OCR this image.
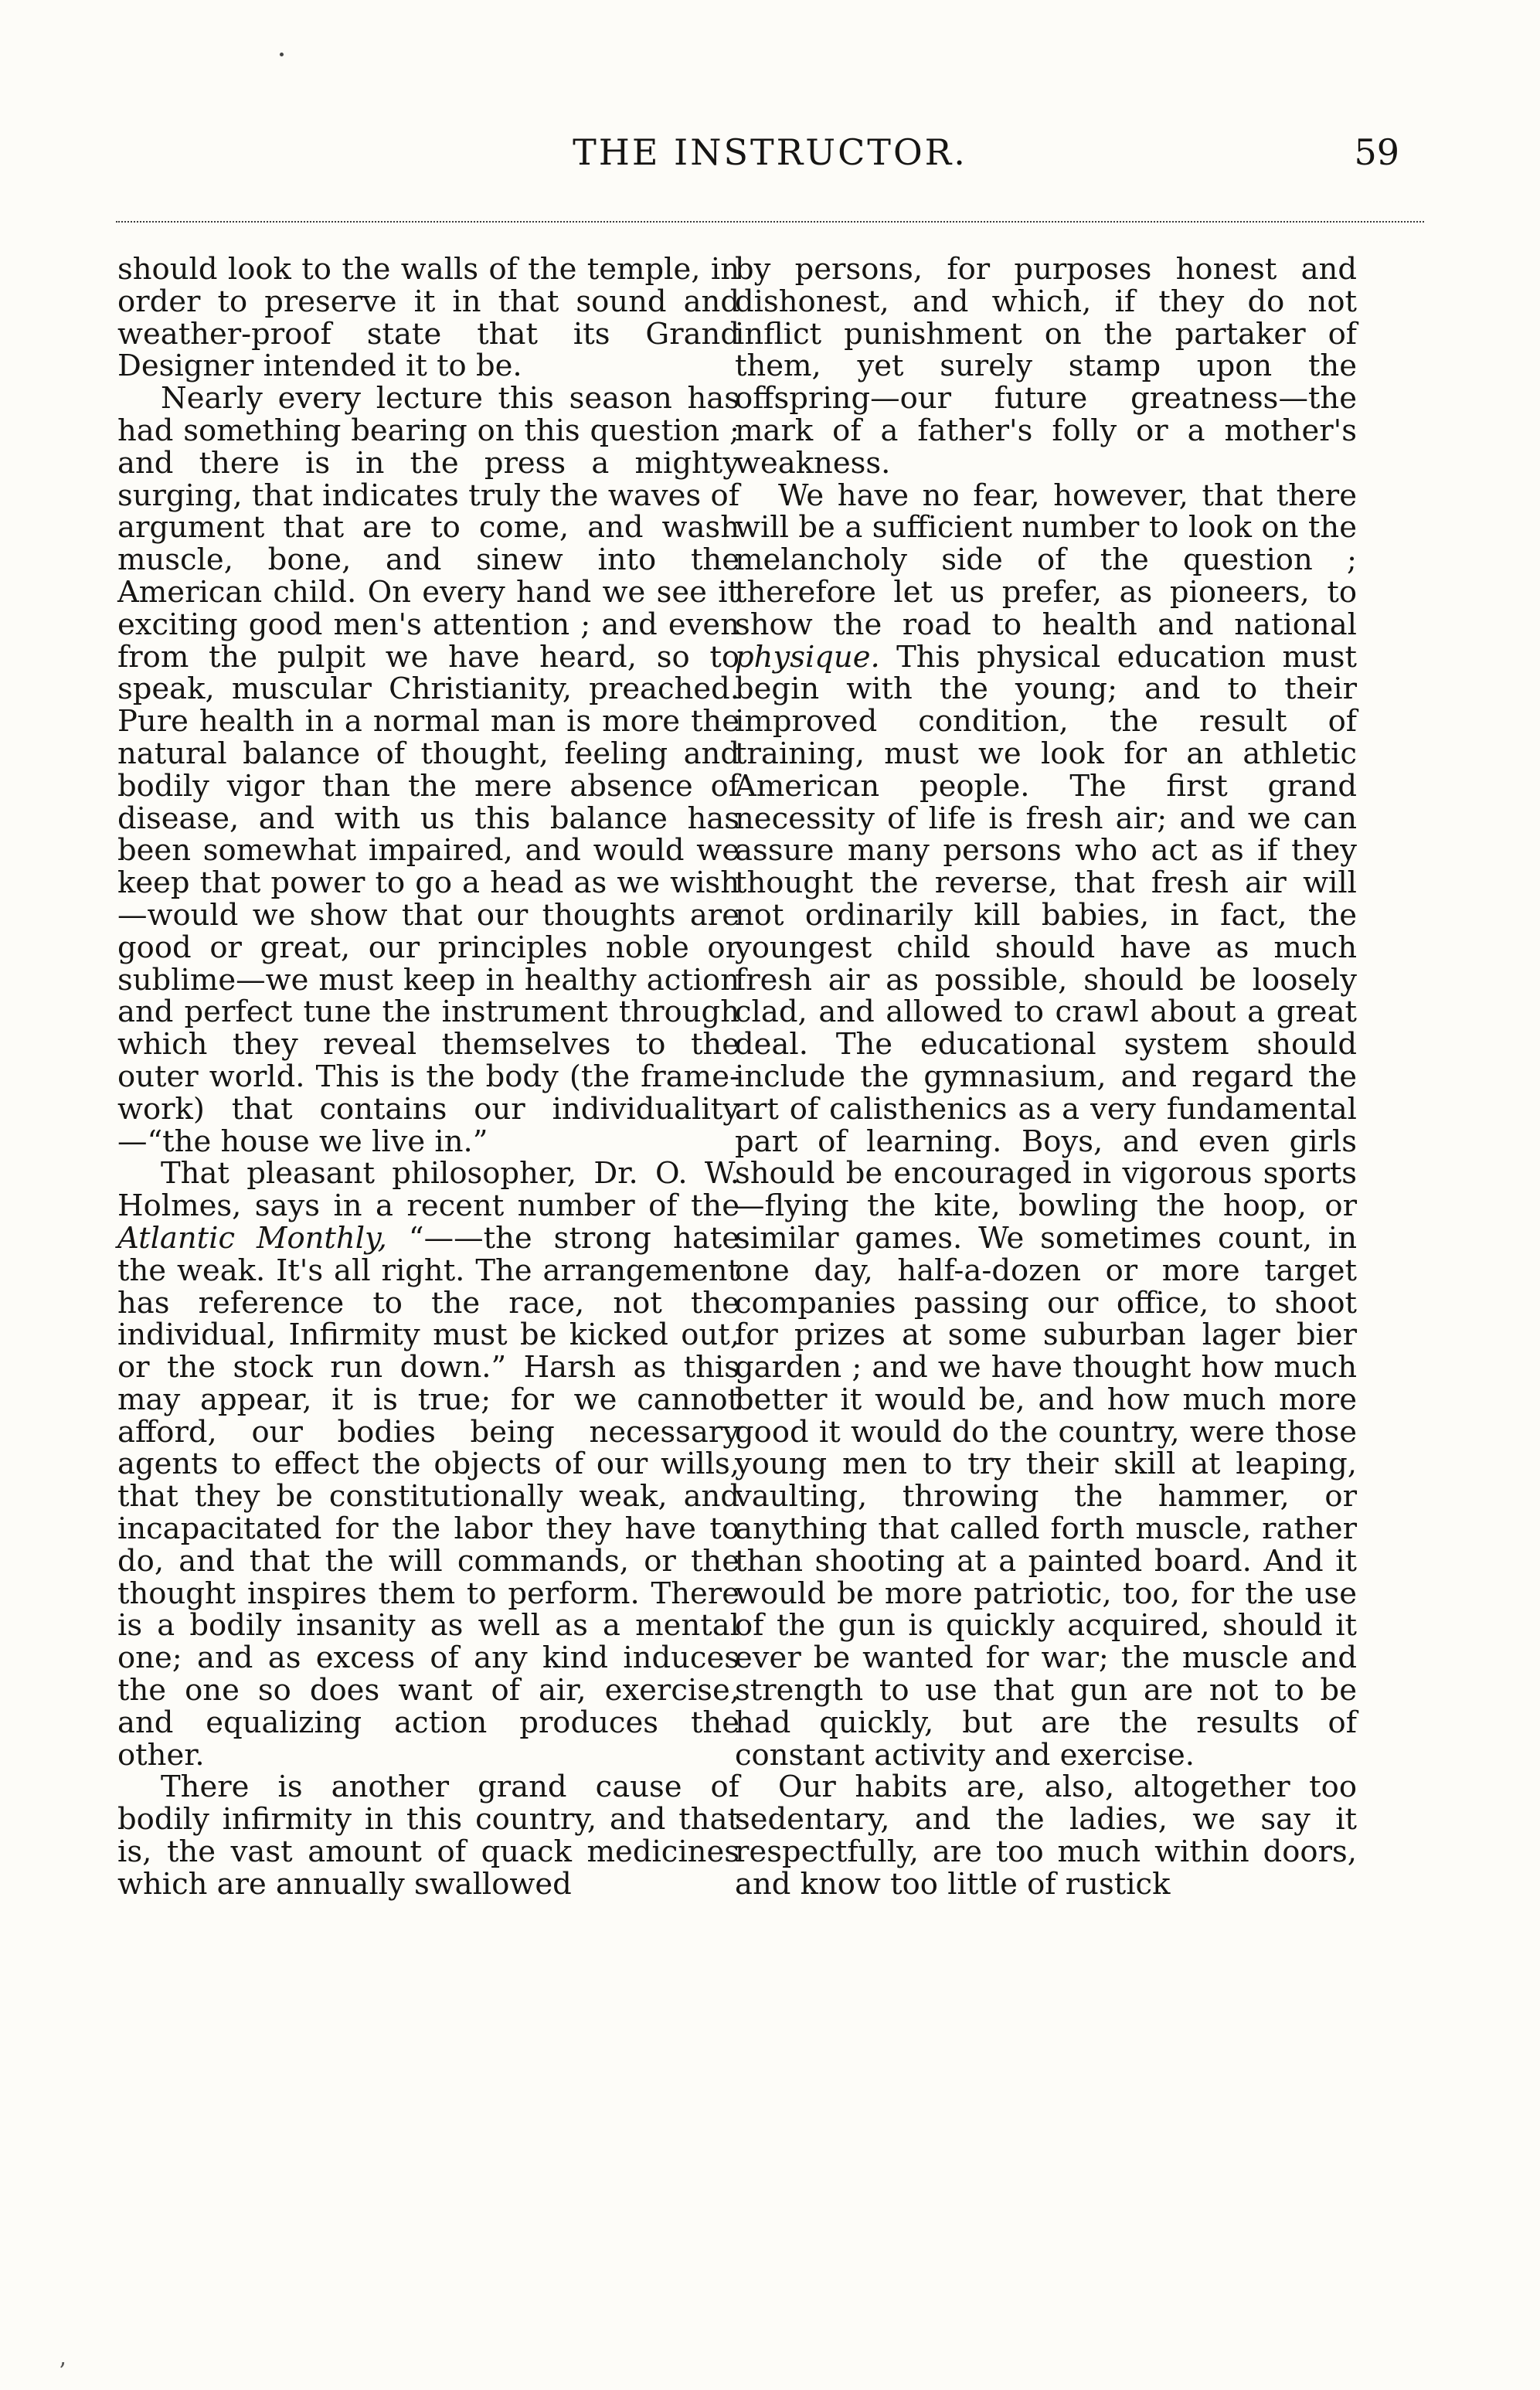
THE INSTRUCTOR.	59

should look to the walls of the temple, in order to preserve it in that sound and weather-proof state that its Grand Designer intended it to be.

Nearly every lecture this season has had something bearing on this question ; and there is in the press a mighty surging, that indicates truly the waves of argument that are to come, and wash muscle, bone, and sinew into the American child. On every hand we see it exciting good men's attention ; and even from the pulpit we have heard, so to speak, muscular Christianity, preached. Pure health in a normal man is more the natural balance of thought, feeling and bodily vigor than the mere absence of disease, and with us this balance has been somewhat impaired, and would we keep that power to go a head as we wish—would we show that our thoughts are good or great, our principles noble or sublime—we must keep in healthy action and perfect tune the instrument through which they reveal themselves to the outer world. This is the body (the frame-work) that contains our individuality—“the house we live in.”

That pleasant philosopher, Dr. O. W. Holmes, says in a recent number of the Atlantic Monthly, “——the strong hate the weak. It's all right. The arrangement has reference to the race, not the individual, Infirmity must be kicked out, or the stock run down.” Harsh as this may appear, it is true; for we cannot afford, our bodies being necessary agents to effect the objects of our wills, that they be constitutionally weak, and incapacitated for the labor they have to do, and that the will commands, or the thought inspires them to perform. There is a bodily insanity as well as a mental one; and as excess of any kind induces the one so does want of air, exercise, and equalizing action produces the other.

There is another grand cause of bodily infirmity in this country, and that is, the vast amount of quack medicines which are annually swallowed

by persons, for purposes honest and dishonest, and which, if they do not inflict punishment on the partaker of them, yet surely stamp upon the offspring—our future greatness—the mark of a father's folly or a mother's weakness.

We have no fear, however, that there will be a sufficient number to look on the melancholy side of the question ; therefore let us prefer, as pioneers, to show the road to health and national physique. This physical education must begin with the young; and to their improved condition, the result of training, must we look for an athletic American people. The first grand necessity of life is fresh air; and we can assure many persons who act as if they thought the reverse, that fresh air will not ordinarily kill babies, in fact, the youngest child should have as much fresh air as possible, should be loosely clad, and allowed to crawl about a great deal. The educational system should include the gymnasium, and regard the art of calisthenics as a very fundamental part of learning. Boys, and even girls should be encouraged in vigorous sports—flying the kite, bowling the hoop, or similar games. We sometimes count, in one day, half-a-dozen or more target companies passing our office, to shoot for prizes at some suburban lager bier garden ; and we have thought how much better it would be, and how much more good it would do the country, were those young men to try their skill at leaping, vaulting, throwing the hammer, or anything that called forth muscle, rather than shooting at a painted board. And it would be more patriotic, too, for the use of the gun is quickly acquired, should it ever be wanted for war; the muscle and strength to use that gun are not to be had quickly, but are the results of constant activity and exercise.

Our habits are, also, altogether too sedentary, and the ladies, we say it respectfully, are too much within doors, and know too little of rustick

’
